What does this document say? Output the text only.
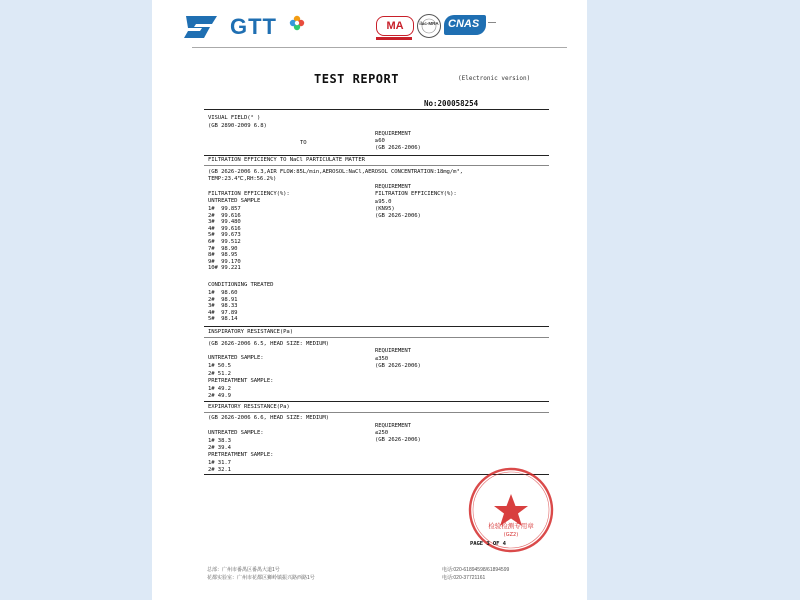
GTT	MA	ilac-MRA CNAS
TEST REPORT	(Electronic version)
No:200058254
VISUAL FIELD(° )
(GB 2890-2009 6.8)
TO
REQUIREMENT
≥60
(GB 2626-2006)
FILTRATION EFFICIENCY TO NaCl PARTICULATE MATTER
(GB 2626-2006 6.3,AIR FLOW:85L/min,AEROSOL:NaCl,AEROSOL CONCENTRATION:18mg/m³,
TEMP:23.4℃,RH:56.2%)
FILTRATION EFFICIENCY(%):
UNTREATED SAMPLE
1#  99.857
2#  99.616
3#  99.480
4#  99.616
5#  99.673
6#  99.512
7#  98.90
8#  98.95
9#  99.170
10# 99.221
CONDITIONING TREATED
1#  98.60
2#  98.91
3#  98.33
4#  97.89
5#  98.14
REQUIREMENT
FILTRATION EFFICIENCY(%):
≥95.0
(KN95)
(GB 2626-2006)
INSPIRATORY RESISTANCE(Pa)
(GB 2626-2006 6.5, HEAD SIZE: MEDIUM)
UNTREATED SAMPLE:
1# 50.5
2# 51.2
PRETREATMENT SAMPLE:
1# 49.2
2# 49.9
REQUIREMENT
≤350
(GB 2626-2006)
EXPIRATORY RESISTANCE(Pa)
(GB 2626-2006 6.6, HEAD SIZE: MEDIUM)
UNTREATED SAMPLE:
1# 38.3
2# 39.4
PRETREATMENT SAMPLE:
1# 31.7
2# 32.1
REQUIREMENT
≤250
(GB 2626-2006)
检验检测专用章
(GZ2)
PAGE 3 OF 4
总部：广州市番禺区番禺大道1号
花都实验室：广州市花都区狮岭镇振兴路西路1号
电话:020-61894598/61894599
电话:020-37721161
